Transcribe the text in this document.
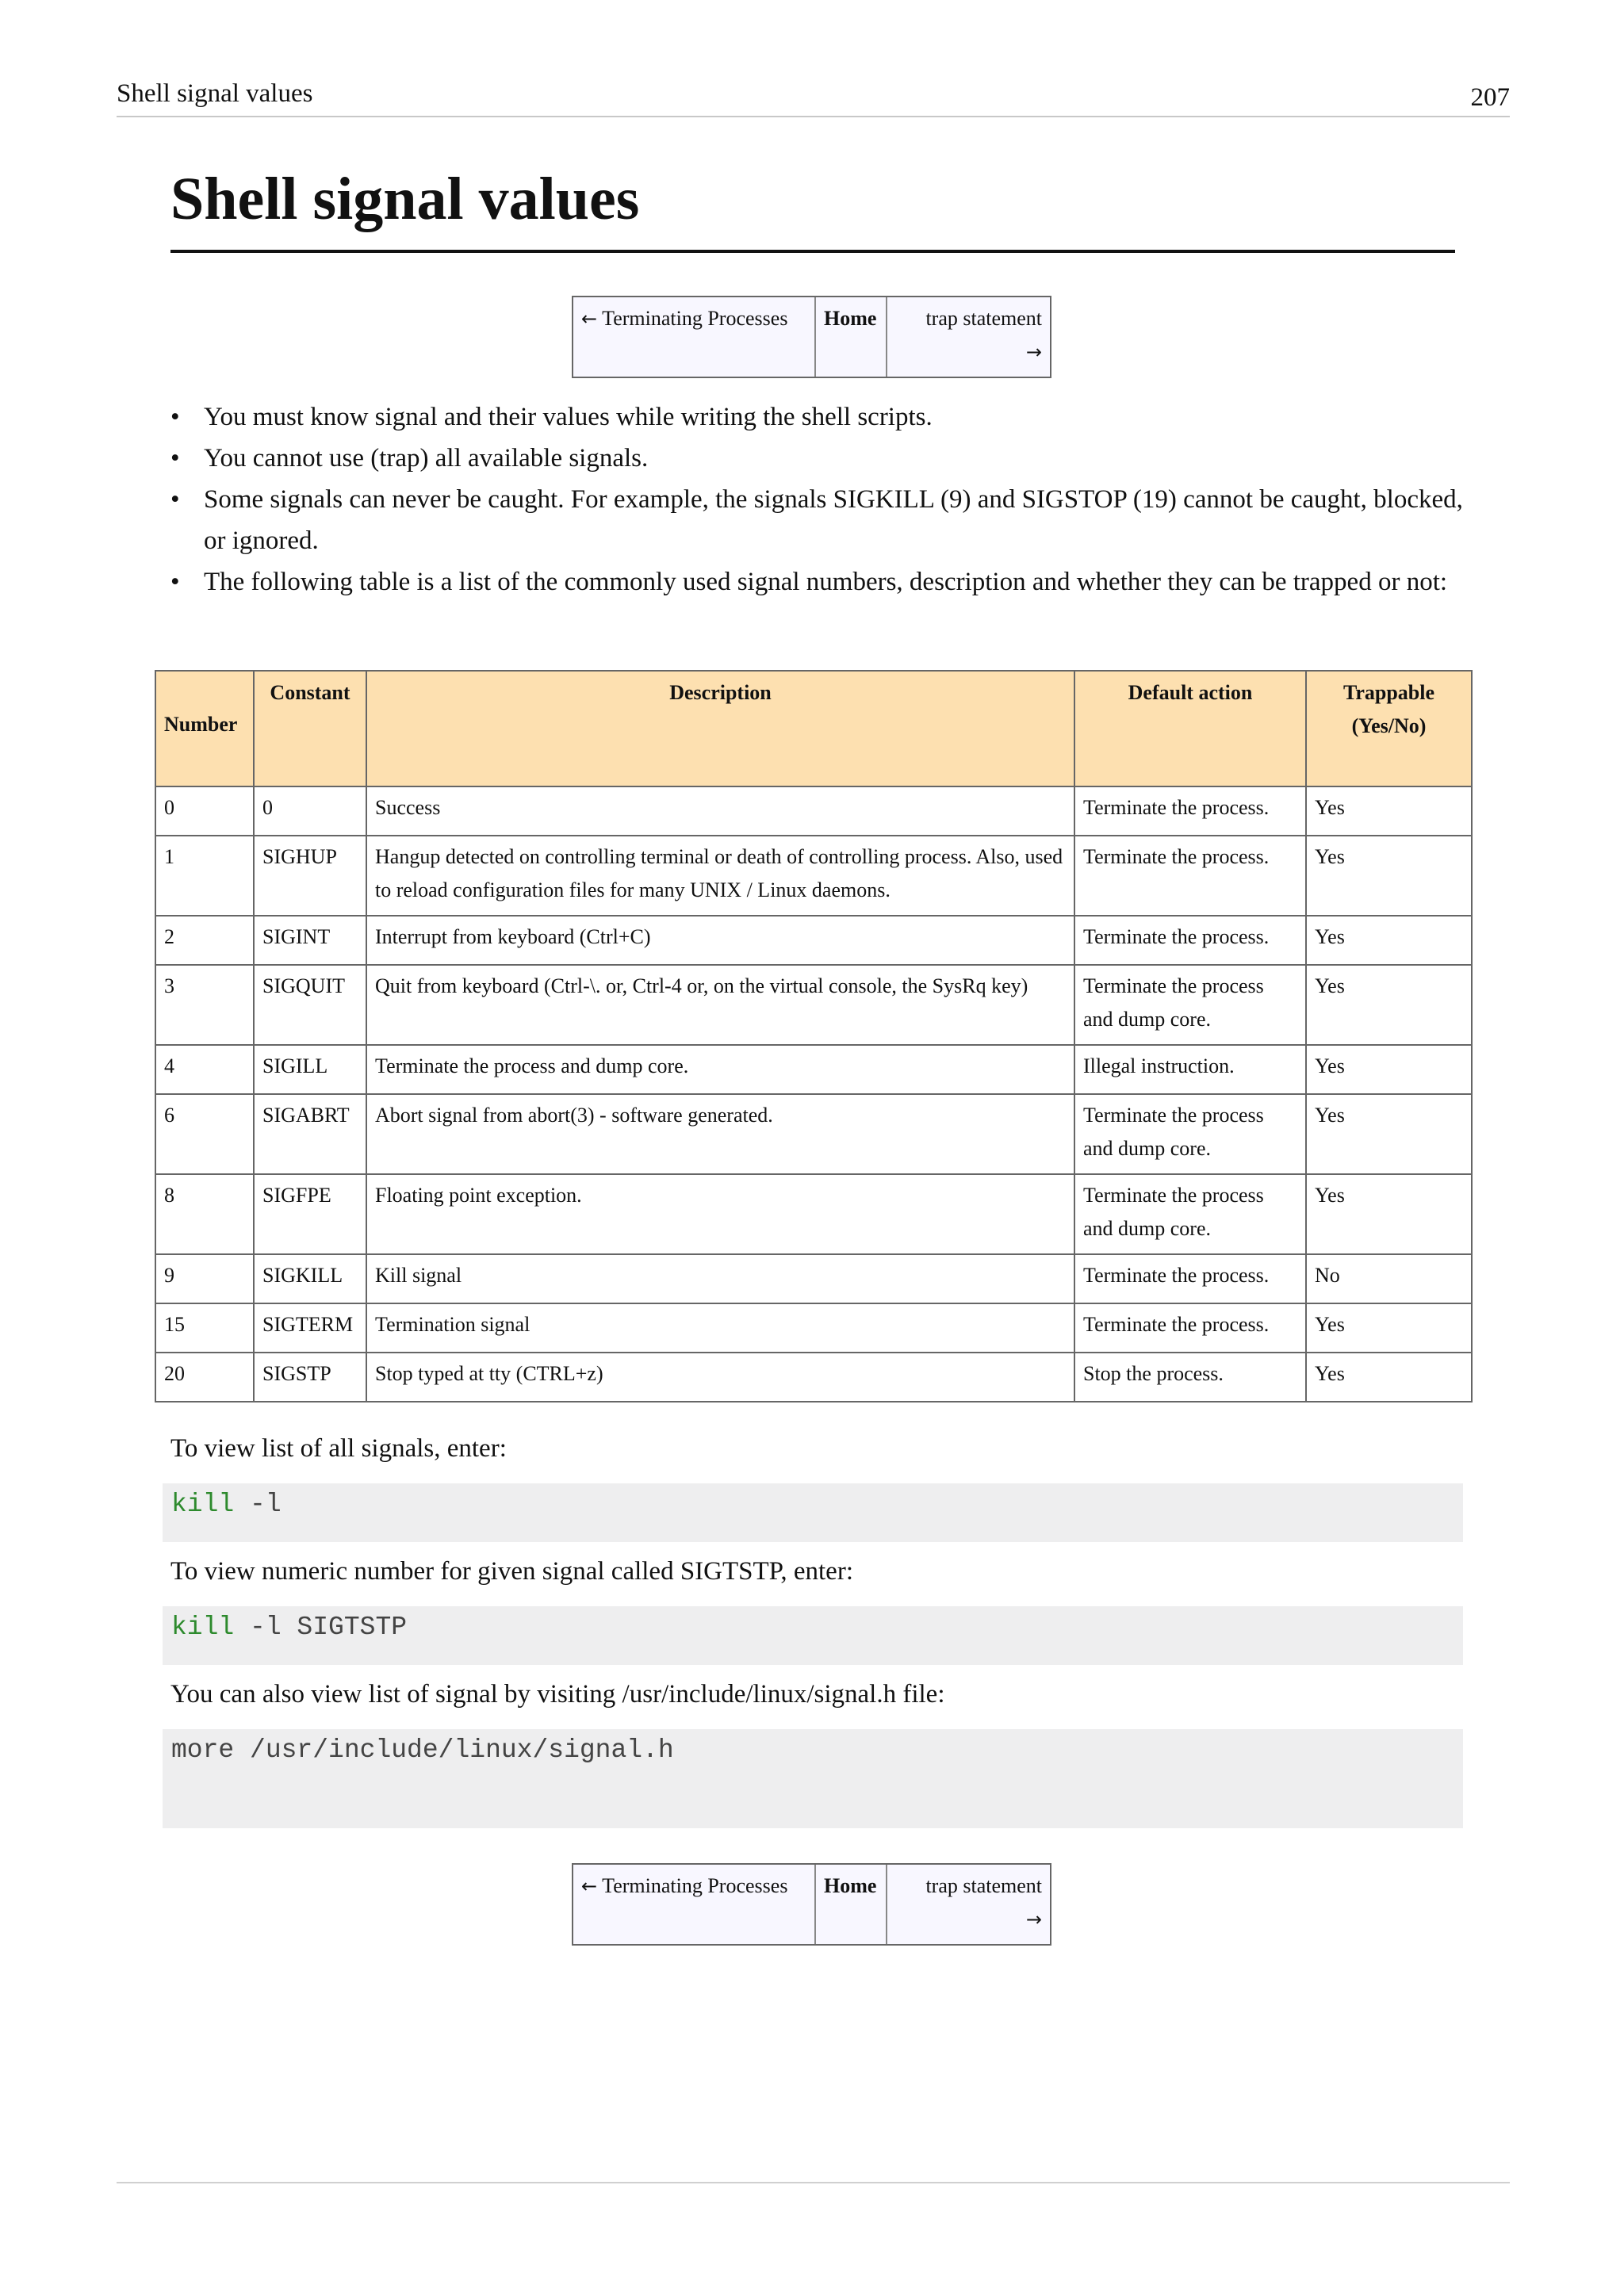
Shell signal values	207
Shell signal values
← Terminating Processes	Home	trap statement
→
• You must know signal and their values while writing the shell scripts.
• You cannot use (trap) all available signals.
• Some signals can never be caught. For example, the signals SIGKILL (9) and SIGSTOP (19) cannot be caught, blocked, or ignored.
• The following table is a list of the commonly used signal numbers, description and whether they can be trapped or not:
Number	Constant	Description	Default action	Trappable (Yes/No)
0	0	Success	Terminate the process.	Yes
1	SIGHUP	Hangup detected on controlling terminal or death of controlling process. Also, used to reload configuration files for many UNIX / Linux daemons.	Terminate the process.	Yes
2	SIGINT	Interrupt from keyboard (Ctrl+C)	Terminate the process.	Yes
3	SIGQUIT	Quit from keyboard (Ctrl-\. or, Ctrl-4 or, on the virtual console, the SysRq key)	Terminate the process and dump core.	Yes
4	SIGILL	Terminate the process and dump core.	Illegal instruction.	Yes
6	SIGABRT	Abort signal from abort(3) - software generated.	Terminate the process and dump core.	Yes
8	SIGFPE	Floating point exception.	Terminate the process and dump core.	Yes
9	SIGKILL	Kill signal	Terminate the process.	No
15	SIGTERM	Termination signal	Terminate the process.	Yes
20	SIGSTP	Stop typed at tty (CTRL+z)	Stop the process.	Yes

To view list of all signals, enter:

kill -l

To view numeric number for given signal called SIGTSTP, enter:

kill -l SIGTSTP

You can also view list of signal by visiting /usr/include/linux/signal.h file:

more /usr/include/linux/signal.h
← Terminating Processes	Home	trap statement
→
